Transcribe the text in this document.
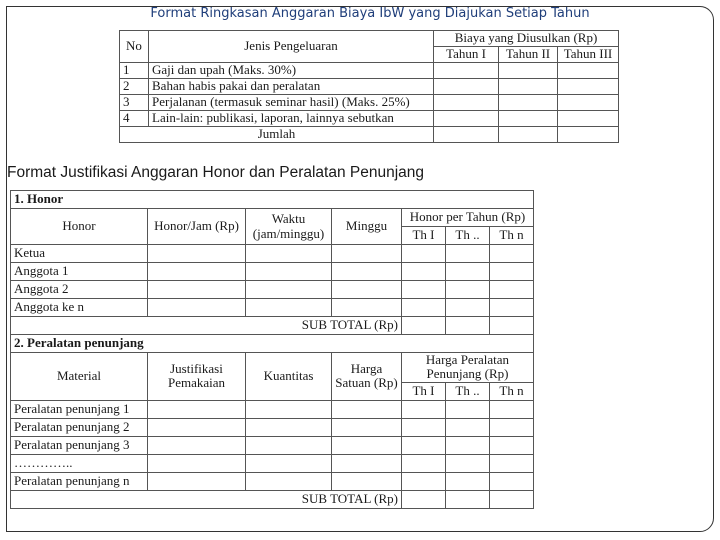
Format Ringkasan Anggaran Biaya IbW yang Diajukan Setiap Tahun
No	Jenis Pengeluaran	Biaya yang Diusulkan (Rp)		
		Tahun I	Tahun II	Tahun III
1	Gaji dan upah (Maks. 30%)			
2	Bahan habis pakai dan peralatan			
3	Perjalanan (termasuk seminar hasil) (Maks. 25%)			
4	Lain-lain: publikasi, laporan, lainnya sebutkan			
Jumlah				
Format Justifikasi Anggaran Honor dan Peralatan Penunjang
1. Honor						
Honor	Honor/Jam (Rp)	Waktu (jam/minggu)	Minggu	Honor per Tahun (Rp)		
				Th I	Th ..	Th n
Ketua						
Anggota 1						
Anggota 2						
Anggota ke n						
SUB TOTAL (Rp)						
2. Peralatan penunjang						
Material	Justifikasi Pemakaian	Kuantitas	Harga Satuan (Rp)	Harga Peralatan Penunjang (Rp)		
				Th I	Th ..	Th n
Peralatan penunjang 1						
Peralatan penunjang 2						
Peralatan penunjang 3						
…………..						
Peralatan penunjang n						
SUB TOTAL (Rp)						
